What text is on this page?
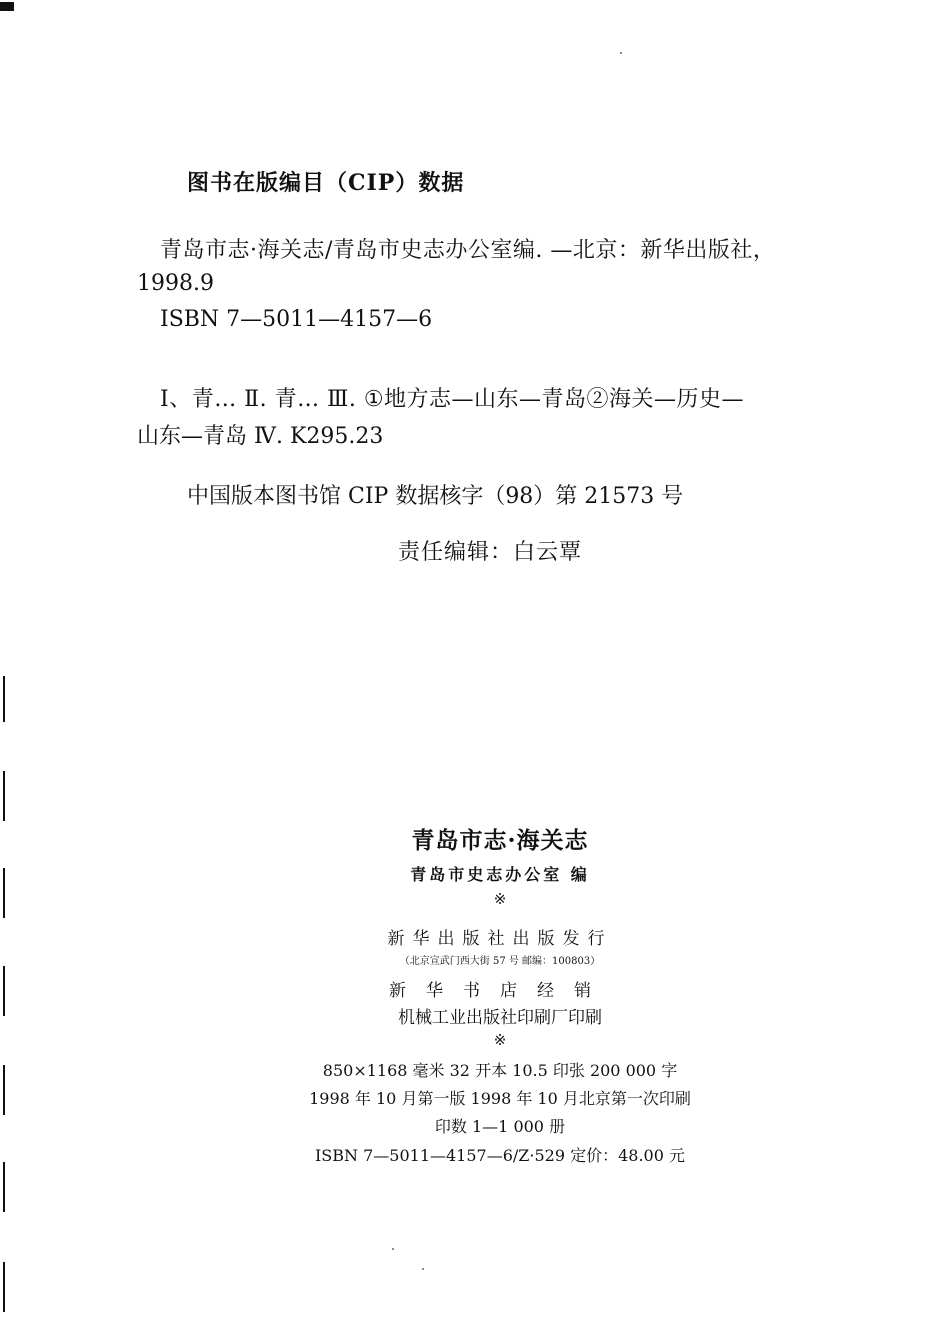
图书在版编目（CIP）数据
青岛市志·海关志/青岛市史志办公室编. —北京：新华出版社，
1998.9
ISBN 7—5011—4157—6
Ⅰ、青… Ⅱ. 青… Ⅲ. ①地方志—山东—青岛②海关—历史—
山东—青岛 Ⅳ. K295.23
中国版本图书馆 CIP 数据核字（98）第 21573 号
责任编辑：白云覃
青岛市志·海关志
青岛市史志办公室 编
※
新华出版社出版发行
（北京宣武门西大街 57 号 邮编：100803）
新华书店经销
机械工业出版社印刷厂印刷
※
850×1168 毫米 32 开本 10.5 印张 200 000 字
1998 年 10 月第一版 1998 年 10 月北京第一次印刷
印数 1—1 000 册
ISBN 7—5011—4157—6/Z·529 定价：48.00 元
